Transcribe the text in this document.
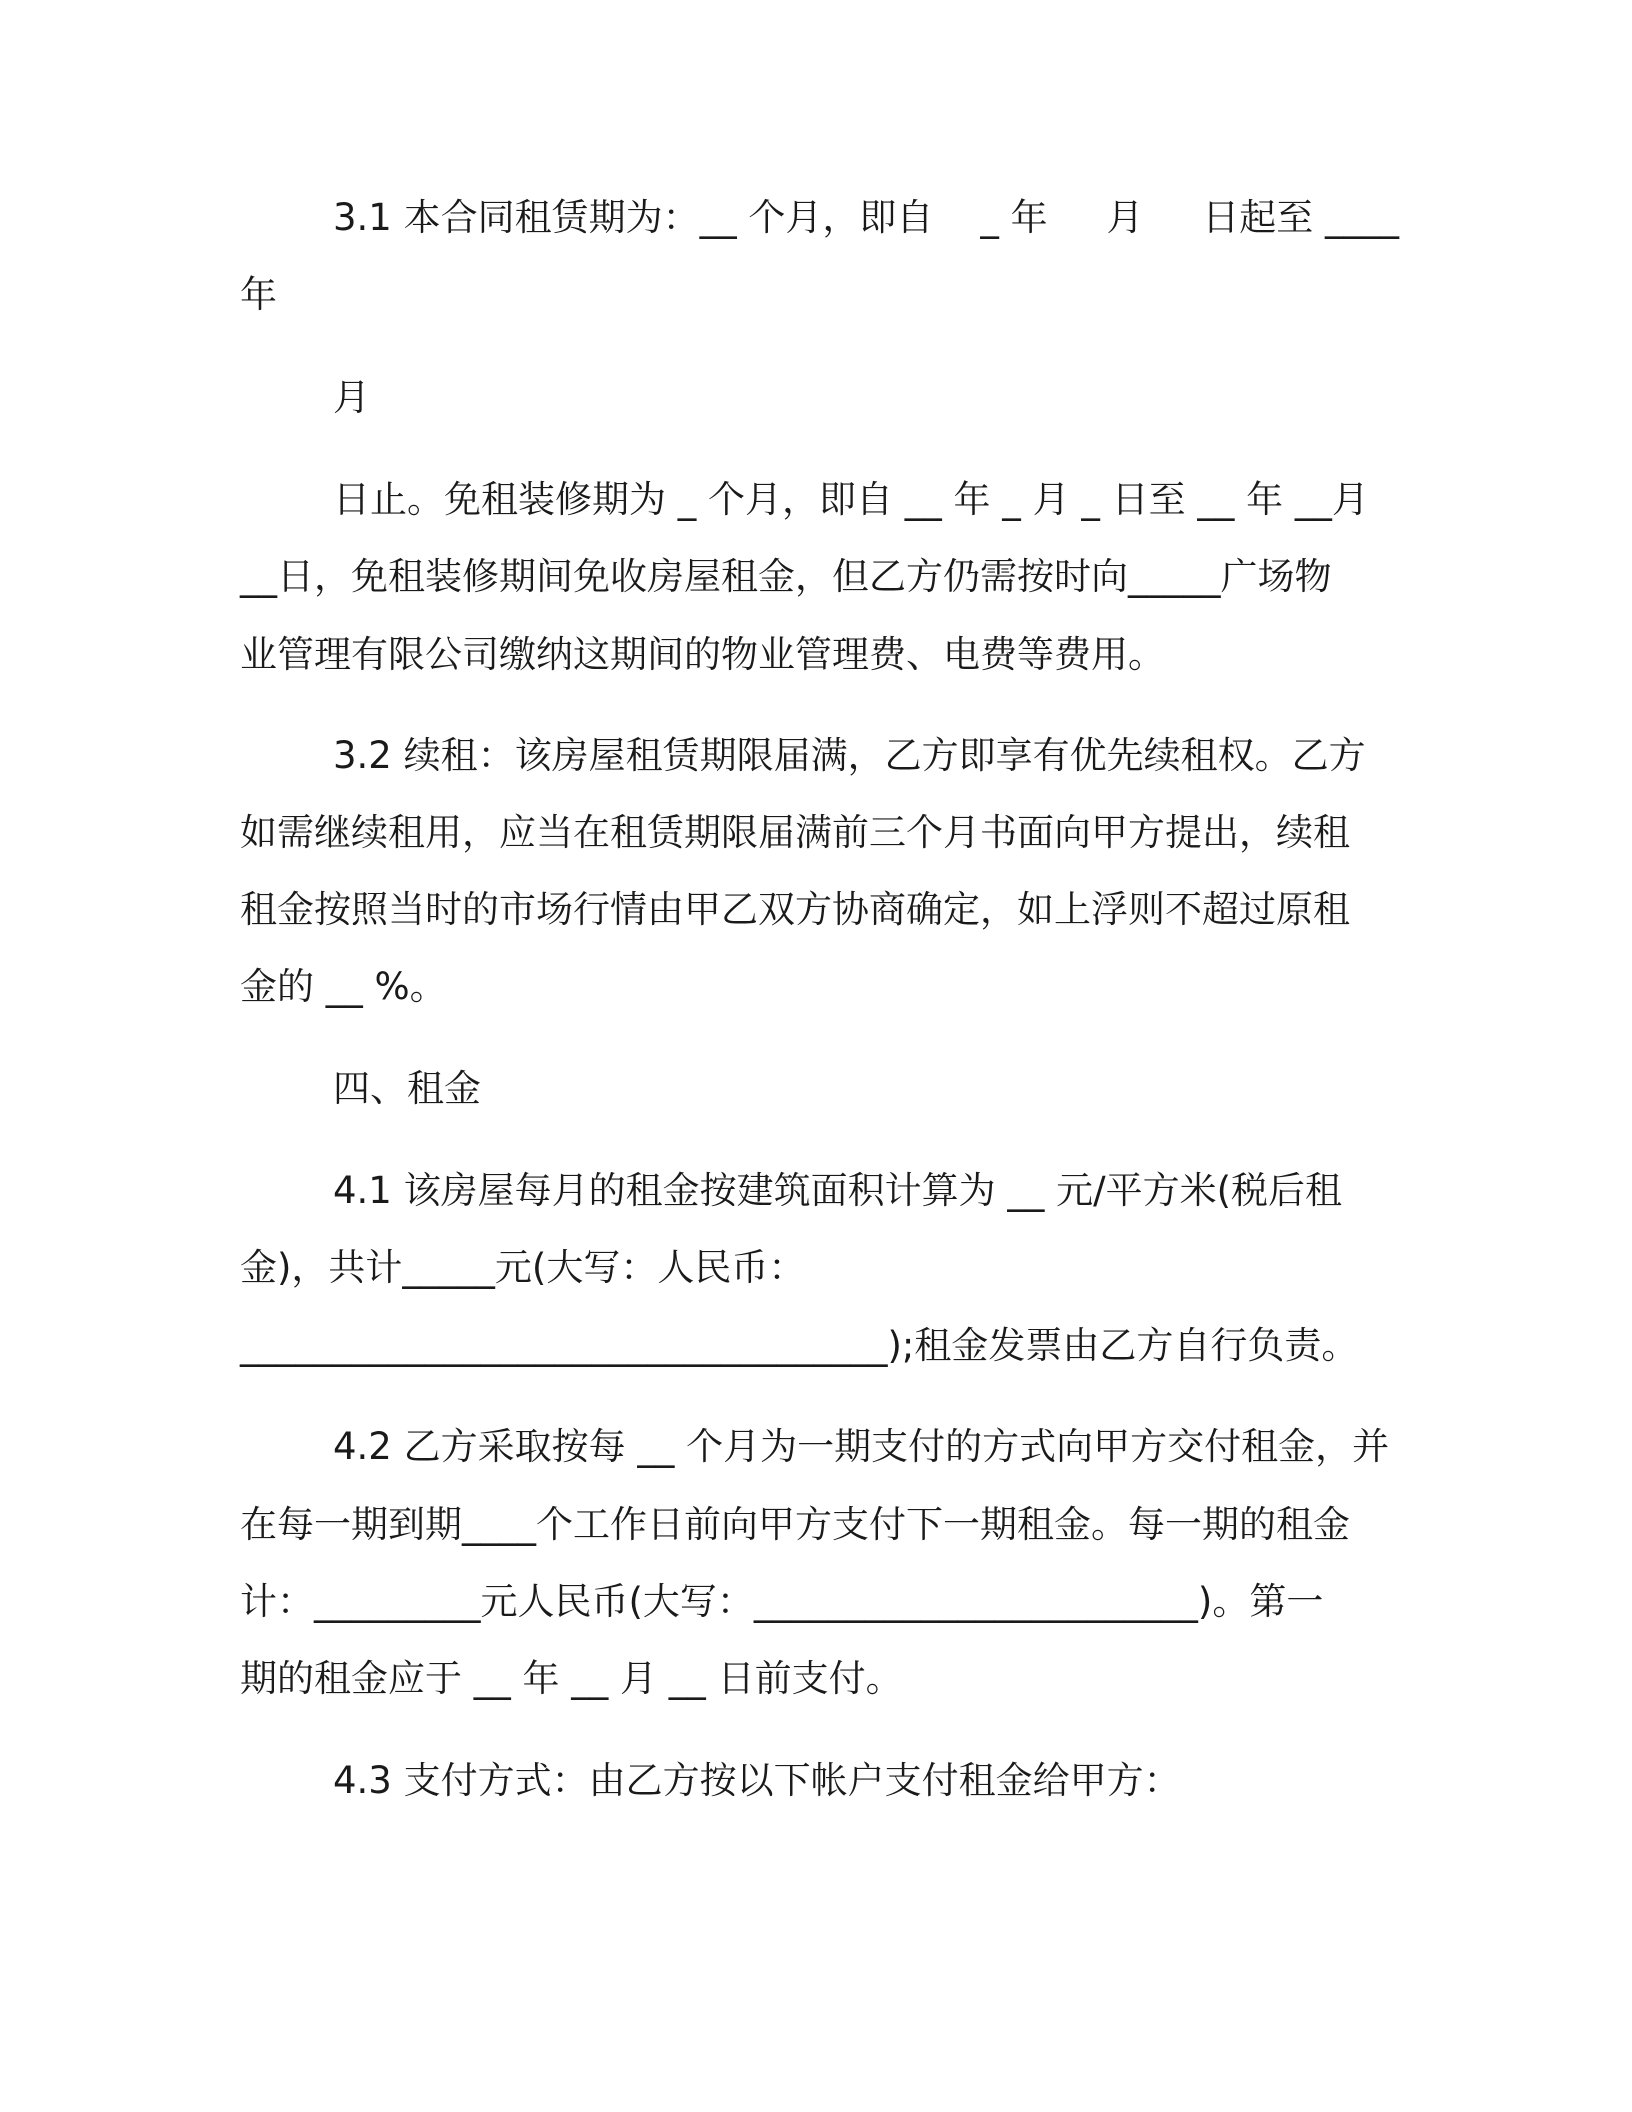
3.1 本合同租赁期为：__ 个月，即自    _ 年     月     日起至 ____

年

月

日止。免租装修期为 _ 个月，即自 __ 年 _ 月 _ 日至 __ 年 __月

__日，免租装修期间免收房屋租金，但乙方仍需按时向_____广场物

业管理有限公司缴纳这期间的物业管理费、电费等费用。

3.2 续租：该房屋租赁期限届满，乙方即享有优先续租权。乙方

如需继续租用，应当在租赁期限届满前三个月书面向甲方提出，续租

租金按照当时的市场行情由甲乙双方协商确定，如上浮则不超过原租

金的 __ %。

四、租金

4.1 该房屋每月的租金按建筑面积计算为 __ 元/平方米(税后租

金)，共计_____元(大写：人民币：

___________________________________);租金发票由乙方自行负责。

4.2 乙方采取按每 __ 个月为一期支付的方式向甲方交付租金，并

在每一期到期____个工作日前向甲方支付下一期租金。每一期的租金

计：_________元人民币(大写：________________________)。第一

期的租金应于 __ 年 __ 月 __ 日前支付。

4.3 支付方式：由乙方按以下帐户支付租金给甲方：
